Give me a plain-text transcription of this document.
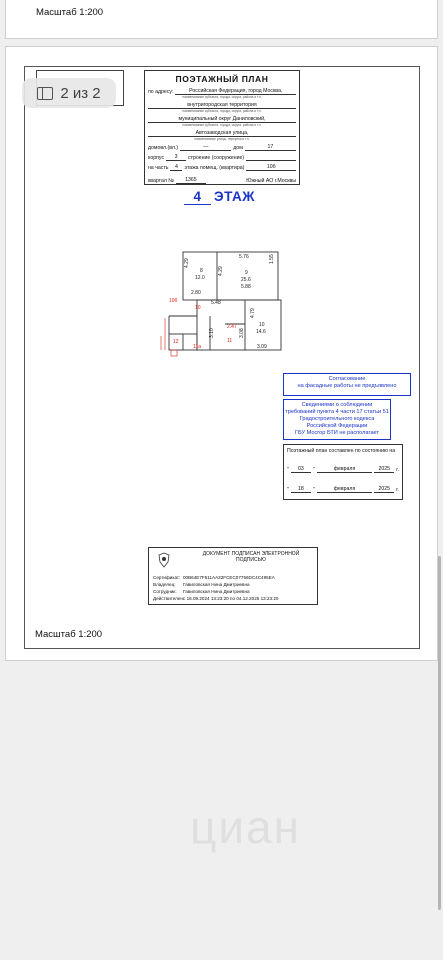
Масштаб 1:200
2 из 2
ПОЭТАЖНЫЙ ПЛАН
по адресу:	Российская Федерация, город Москва,
наименование субъекта, города, округа, района и т.п.
внутригородская территория
наименование субъекта, города, округа, района и т.п.
муниципальный округ Даниловский,
наименование субъекта, города, округа, района и т.п.
Автозаводская улица,
наименование улицы, переулка и т.п.
домовл.(вл.)	—	дом	17
корпус	3	строение (сооружение)
на часть	4	этажа помещ. (квартира)	10б
квартал №	1365	Южный АО г.Москвы
4 ЭТАЖ
5.76
4.29
4.29
1.55
5.88
2.80
5.48
4.79
3.10	3.08
3.09
8
12.0
9
25.6
10
14.6
10б
10
2.47
11
12
11а
Согласование
на фасадные работы не предъявлено
Сведениями о соблюдении
требований пункта 4 части 17 статьи 51
Градостроительного кодекса
Российской Федерации
ГБУ Мосгор БТИ не располагает
Поэтажный план составлен по состоянию на
"	03	"	февраля	2025	г.
"	18	"	февраля	2025	г.
ДОКУМЕНТ ПОДПИСАН ЭЛЕКТРОННОЙ
ПОДПИСЬЮ
Сертификат: 00B64E7F511AA32FCEC07756DC4C495EA
Владелец:	Гавиловская Нина Дмитриевна
Сотрудник:	Гавиловская Нина Дмитриевна
Действителен:
с 16.09.2024 13:23:20 по 04.12.2025 13:23:20
Масштаб 1:200
циан
